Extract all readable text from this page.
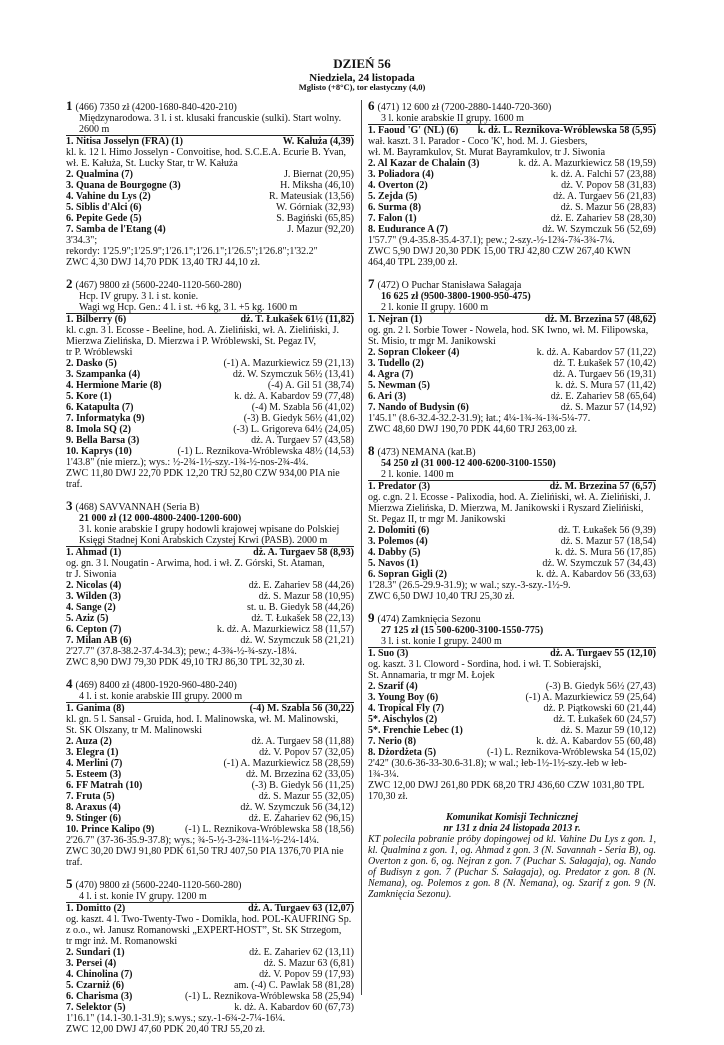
DZIEŃ 56
Niedziela, 24 listopada
Mglisto (+8°C), tor elastyczny (4,0)
1 (466) 7350 zł (4200-1680-840-420-210)
Międzynarodowa. 3 l. i st. klusaki francuskie (sulki). Start wolny.
2600 m
1. Nitisa Josselyn (FRA) (1)	W. Kałuża (4,39)
kl. k. 12 l. Himo Josselyn - Convoitise, hod. S.C.E.A. Ecurie B. Yvan,
wł. E. Kałuża, St. Lucky Star, tr W. Kałuża
2. Qualmina (7)	J. Biernat (20,95)
3. Quana de Bourgogne (3)	H. Miksha (46,10)
4. Vahine du Lys (2)	R. Mateusiak (13,56)
5. Siblis d'Alci (6)	W. Górniak (32,93)
6. Pepite Gede (5)	S. Bagiński (65,85)
7. Samba de l'Etang (4)	J. Mazur (92,20)
3'34.3";
rekordy: 1'25.9";1'25.9";1'26.1";1'26.1";1'26.5";1'26.8";1'32.2"
ZWC 4,30 DWJ 14,70 PDK 13,40 TRJ 44,10 zł.
2 (467) 9800 zł (5600-2240-1120-560-280)
Hcp. IV grupy. 3 l. i st. konie.
Wagi wg Hcp. Gen.: 4 l. i st. +6 kg, 3 l. +5 kg. 1600 m
1. Bilberry (6)	dż. T. Łukašek 61½ (11,82)
kl. c.gn. 3 l. Ecosse - Beeline, hod. A. Zielińiski, wł. A. Zielińiski, J.
Mierzwa Zielińska, D. Mierzwa i P. Wróblewski, St. Pegaz IV,
tr P. Wróblewski
2. Dasko (5)	(-1) A. Mazurkiewicz 59 (21,13)
3. Szampanka (4)	dż. W. Szymczuk 56½ (13,41)
4. Hermione Marie (8)	(-4) A. Gil 51 (38,74)
5. Kore (1)	k. dż. A. Kabardov 59 (77,48)
6. Katapulta (7)	(-4) M. Szabla 56 (41,02)
7. Informatyka (9)	(-3) B. Giedyk 56½ (41,02)
8. Imola SQ (2)	(-3) L. Grigoreva 64½ (24,05)
9. Bella Barsa (3)	dż. A. Turgaev 57 (43,58)
10. Kaprys (10)	(-1) L. Reznikova-Wróblewska 48½ (14,53)
1'43.8" (nie mierz.); wys.: ½-2¾-1½-szy.-1¾-½-nos-2¾-4¼.
ZWC 11,80 DWJ 22,70 PDK 12,20 TRJ 52,80 CZW 934,00 PIA nie
traf.
3 (468) SAVVANNAH (Seria B)
21 000 zł (12 000-4800-2400-1200-600)
3 l. konie arabskie I grupy hodowli krajowej wpisane do Polskiej
Księgi Stadnej Koni Arabskich Czystej Krwi (PASB). 2000 m
1. Ahmad (1)	dż. A. Turgaev 58 (8,93)
og. gn. 3 l. Nougatin - Arwima, hod. i wł. Z. Górski, St. Ataman,
tr J. Siwonia
2. Nicolas (4)	dż. E. Zahariev 58 (44,26)
3. Wilden (3)	dż. S. Mazur 58 (10,95)
4. Sange (2)	st. u. B. Giedyk 58 (44,26)
5. Aziz (5)	dż. T. Łukašek 58 (22,13)
6. Cepton (7)	k. dż. A. Mazurkiewicz 58 (11,57)
7. Milan AB (6)	dż. W. Szymczuk 58 (21,21)
2'27.7" (37.8-38.2-37.4-34.3); pew.; 4-3¾-½-¾-szy.-18¼.
ZWC 8,90 DWJ 79,30 PDK 49,10 TRJ 86,30 TPL 32,30 zł.
4 (469) 8400 zł (4800-1920-960-480-240)
4 l. i st. konie arabskie III grupy. 2000 m
1. Ganima (8)	(-4) M. Szabla 56 (30,22)
kl. gn. 5 l. Sansal - Gruida, hod. I. Malinowska, wł. M. Malinowski,
St. SK Olszany, tr M. Malinowski
2. Auza (2)	dż. A. Turgaev 58 (11,88)
3. Elegra (1)	dż. V. Popov 57 (32,05)
4. Merlini (7)	(-1) A. Mazurkiewicz 58 (28,59)
5. Esteem (3)	dż. M. Brzezina 62 (33,05)
6. FF Matrah (10)	(-3) B. Giedyk 56 (11,25)
7. Fruta (5)	dż. S. Mazur 55 (32,05)
8. Araxus (4)	dż. W. Szymczuk 56 (34,12)
9. Stinger (6)	dż. E. Zahariev 62 (96,15)
10. Prince Kalipo (9)	(-1) L. Reznikova-Wróblewska 58 (18,56)
2'26.7" (37-36-35.9-37.8); wys.; ¾-5-½-3-2¾-11¼-½-2¼-14¼.
ZWC 30,20 DWJ 91,80 PDK 61,50 TRJ 407,50 PIA 1376,70 PIA nie
traf.
5 (470) 9800 zł (5600-2240-1120-560-280)
4 l. i st. konie IV grupy. 1200 m
1. Domitto (2)	dż. A. Turgaev 63 (12,07)
og. kaszt. 4 l. Two-Twenty-Two - Domikla, hod. POL-KAUFRING Sp.
z o.o., wł. Janusz Romanowski „EXPERT-HOST”, St. SK Strzegom,
tr mgr inż. M. Romanowski
2. Sundari (1)	dż. E. Zahariev 62 (13,11)
3. Persei (4)	dż. S. Mazur 63 (6,81)
4. Chinolina (7)	dż. V. Popov 59 (17,93)
5. Czarniż (6)	am. (-4) C. Pawlak 58 (81,28)
6. Charisma (3)	(-1) L. Reznikova-Wróblewska 58 (25,94)
7. Selektor (5)	k. dż. A. Kabardov 60 (67,73)
1'16.1" (14.1-30.1-31.9); s.wys.; szy.-1-6¾-2-7¼-16¼.
ZWC 12,00 DWJ 47,60 PDK 20,40 TRJ 55,20 zł.
6 (471) 12 600 zł (7200-2880-1440-720-360)
3 l. konie arabskie II grupy. 1600 m
1. Faoud 'G' (NL) (6) k. dż. L. Reznikova-Wróblewska 58 (5,95)
wał. kaszt. 3 l. Parador - Coco 'K', hod. M. J. Giesbers,
wł. M. Bayramkulov, St. Murat Bayramkulov, tr J. Siwonia
2. Al Kazar de Chalain (3)	k. dż. A. Mazurkiewicz 58 (19,59)
3. Poliadora (4)	k. dż. A. Falchi 57 (23,88)
4. Overton (2)	dż. V. Popov 58 (31,83)
5. Zejda (5)	dż. A. Turgaev 56 (21,83)
6. Surma (8)	dż. S. Mazur 56 (28,83)
7. Falon (1)	dż. E. Zahariev 58 (28,30)
8. Eudurance A (7)	dż. W. Szymczuk 56 (52,69)
1'57.7" (9.4-35.8-35.4-37.1); pew.; 2-szy.-½-12¾-7¾-3¾-7¼.
ZWC 5,90 DWJ 20,30 PDK 15,00 TRJ 42,80 CZW 267,40 KWN
464,40 TPL 239,00 zł.
7 (472) O Puchar Stanisława Sałagaja
16 625 zł (9500-3800-1900-950-475)
2 l. konie II grupy. 1600 m
1. Nejran (1)	dż. M. Brzezina 57 (48,62)
og. gn. 2 l. Sorbie Tower - Nowela, hod. SK Iwno, wł. M. Filipowska,
St. Misio, tr mgr M. Janikowski
2. Sopran Clokeer (4)	k. dż. A. Kabardov 57 (11,22)
3. Tudello (2)	dż. T. Łukašek 57 (10,42)
4. Agra (7)	dż. A. Turgaev 56 (19,31)
5. Newman (5)	k. dż. S. Mura 57 (11,42)
6. Ari (3)	dż. E. Zahariev 58 (65,64)
7. Nando of Budysin (6)	dż. S. Mazur 57 (14,92)
1'45.1" (8.6-32.4-32.2-31.9); łat.; 4¼-1¾-¾-1¾-5¼-77.
ZWC 48,60 DWJ 190,70 PDK 44,60 TRJ 263,00 zł.
8 (473) NEMANA (kat.B)
54 250 zł (31 000-12 400-6200-3100-1550)
2 l. konie. 1400 m
1. Predator (3)	dż. M. Brzezina 57 (6,57)
og. c.gn. 2 l. Ecosse - Palixodia, hod. A. Zielińiski, wł. A. Zielińiski, J.
Mierzwa Zielińska, D. Mierzwa, M. Janikowski i Ryszard Zielińiski,
St. Pegaz II, tr mgr M. Janikowski
2. Dolomiti (6)	dż. T. Łukašek 56 (9,39)
3. Polemos (4)	dż. S. Mazur 57 (18,54)
4. Dabby (5)	k. dż. S. Mura 56 (17,85)
5. Navos (1)	dż. W. Szymczuk 57 (34,43)
6. Sopran Gigli (2)	k. dż. A. Kabardov 56 (33,63)
1'28.3" (26.5-29.9-31.9); w wal.; szy.-3-szy.-1½-9.
ZWC 6,50 DWJ 10,40 TRJ 25,30 zł.
9 (474) Zamknięcia Sezonu
27 125 zł (15 500-6200-3100-1550-775)
3 l. i st. konie I grupy. 2400 m
1. Suo (3)	dż. A. Turgaev 55 (12,10)
og. kaszt. 3 l. Cloword - Sordina, hod. i wł. T. Sobierajski,
St. Annamaria, tr mgr M. Łojek
2. Szarif (4)	(-3) B. Giedyk 56½ (27,43)
3. Young Boy (6)	(-1) A. Mazurkiewicz 59 (25,64)
4. Tropical Fly (7)	dż. P. Piątkowski 60 (21,44)
5*. Aischylos (2)	dż. T. Łukašek 60 (24,57)
5*. Frenchie Lebec (1)	dż. S. Mazur 59 (10,12)
7. Nerio (8)	k. dż. A. Kabardov 55 (60,48)
8. Dżordżeta (5)	(-1) L. Reznikova-Wróblewska 54 (15,02)
2'42" (30.6-36-33-30.6-31.8); w wal.; łeb-1½-1½-szy.-łeb w łeb-1¾-3¼.
ZWC 12,00 DWJ 261,80 PDK 68,20 TRJ 436,60 CZW 1031,80 TPL
170,30 zł.
Komunikat Komisji Technicznej
nr 131 z dnia 24 listopada 2013 r.
KT polecila pobranie próby dopingowej od kl. Vahine Du Lys z gon. 1, kl. Qualmina z gon. 1, og. Ahmad z gon. 3 (N. Savannah - Seria B), og. Overton z gon. 6, og. Nejran z gon. 7 (Puchar S. Sałagaja), og. Nando of Budisyn z gon. 7 (Puchar S. Sałagaja), og. Predator z gon. 8 (N. Nemana), og. Polemos z gon. 8 (N. Nemana), og. Szarif z gon. 9 (N. Zamknięcia Sezonu).
